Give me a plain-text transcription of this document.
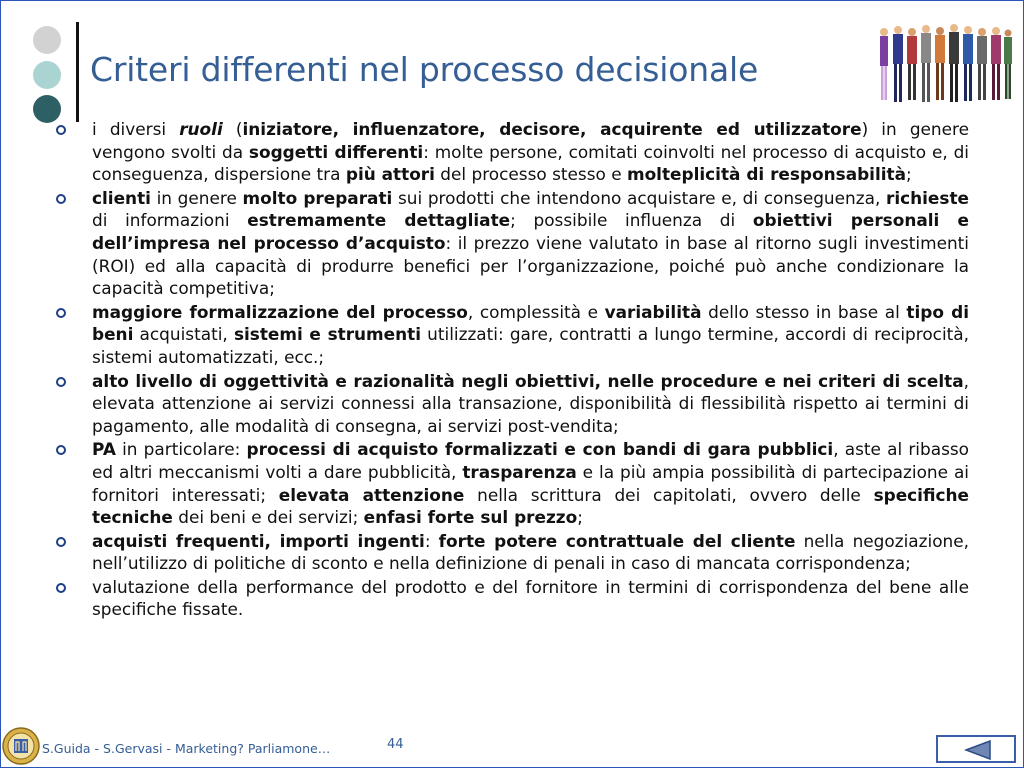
Criteri differenti nel processo decisionale
i diversi ruoli (iniziatore, influenzatore, decisore, acquirente ed utilizzatore) in genere vengono svolti da soggetti differenti: molte persone, comitati coinvolti nel processo di acquisto e, di conseguenza, dispersione tra più attori del processo stesso e molteplicità di responsabilità;
clienti in genere molto preparati sui prodotti che intendono acquistare e, di conseguenza, richieste di informazioni estremamente dettagliate; possibile influenza di obiettivi personali e dell’impresa nel processo d’acquisto: il prezzo viene valutato in base al ritorno sugli investimenti (ROI) ed alla capacità di produrre benefici per l’organizzazione, poiché può anche condizionare la capacità competitiva;
maggiore formalizzazione del processo, complessità e variabilità dello stesso in base al tipo di beni acquistati, sistemi e strumenti utilizzati: gare, contratti a lungo termine, accordi di reciprocità, sistemi automatizzati, ecc.;
alto livello di oggettività e razionalità negli obiettivi, nelle procedure e nei criteri di scelta, elevata attenzione ai servizi connessi alla transazione, disponibilità di flessibilità rispetto ai termini di pagamento, alle modalità di consegna, ai servizi post-vendita;
PA in particolare: processi di acquisto formalizzati e con bandi di gara pubblici, aste al ribasso ed altri meccanismi volti a dare pubblicità, trasparenza e la più ampia possibilità di partecipazione ai fornitori interessati; elevata attenzione nella scrittura dei capitolati, ovvero delle specifiche tecniche dei beni e dei servizi; enfasi forte sul prezzo;
acquisti frequenti, importi ingenti: forte potere contrattuale del cliente nella negoziazione, nell’utilizzo di politiche di sconto e nella definizione di penali in caso di mancata corrispondenza;
valutazione della performance del prodotto e del fornitore in termini di corrispondenza del bene alle specifiche fissate.
S.Guida - S.Gervasi - Marketing? Parliamone…	44
